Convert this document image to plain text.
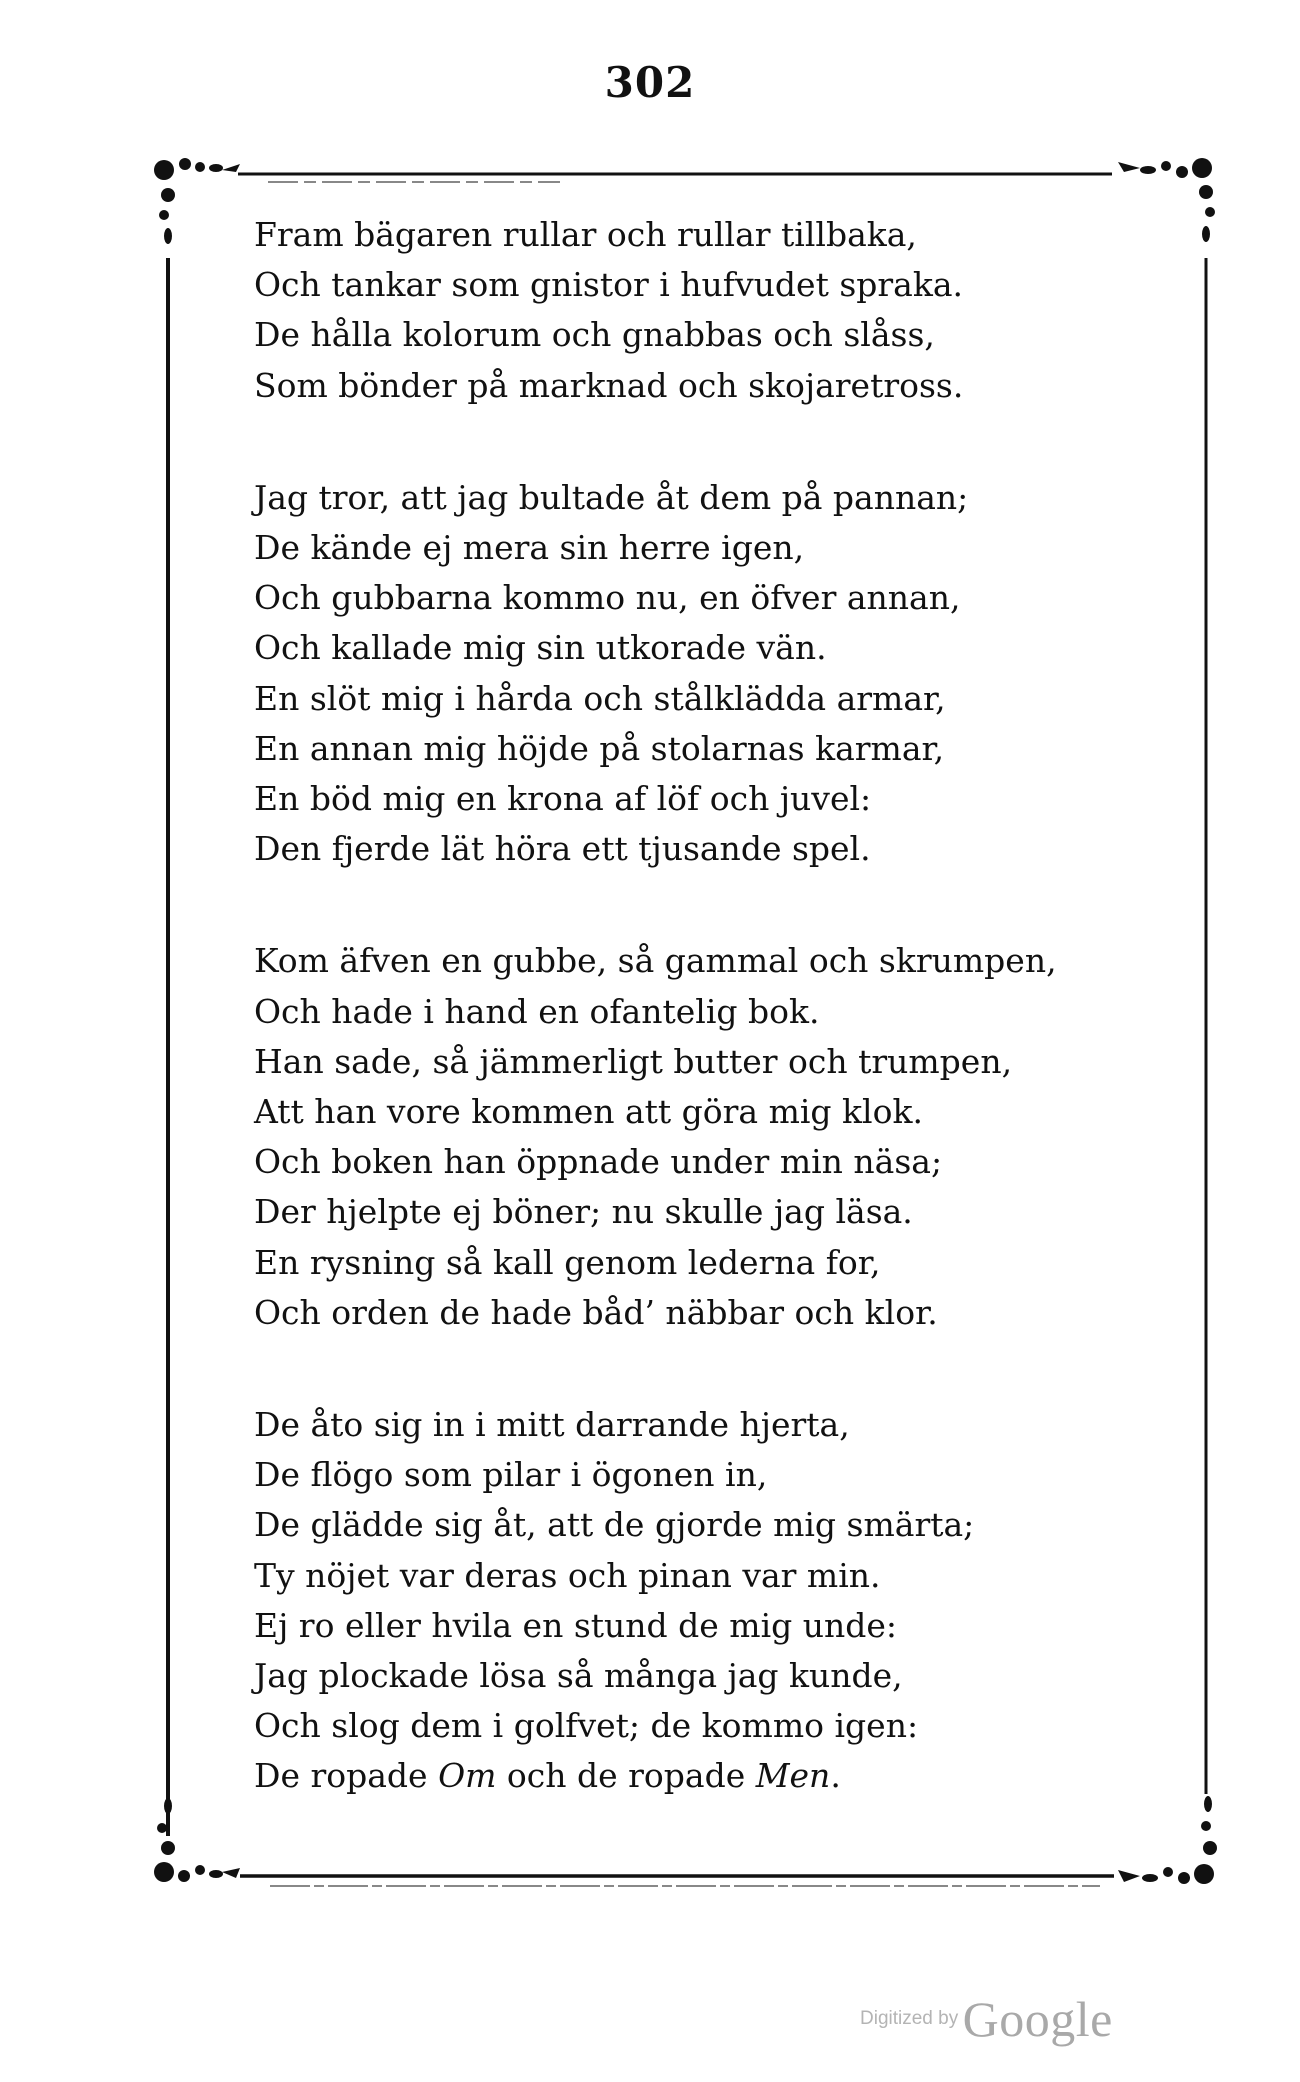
302
Fram bägaren rullar och rullar tillbaka,
Och tankar som gnistor i hufvudet spraka.
De hålla kolorum och gnabbas och slåss,
Som bönder på marknad och skojaretross.
Jag tror, att jag bultade åt dem på pannan;
De kände ej mera sin herre igen,
Och gubbarna kommo nu, en öfver annan,
Och kallade mig sin utkorade vän.
En slöt mig i hårda och stålklädda armar,
En annan mig höjde på stolarnas karmar,
En böd mig en krona af löf och juvel:
Den fjerde lät höra ett tjusande spel.
Kom äfven en gubbe, så gammal och skrumpen,
Och hade i hand en ofantelig bok.
Han sade, så jämmerligt butter och trumpen,
Att han vore kommen att göra mig klok.
Och boken han öppnade under min näsa;
Der hjelpte ej böner; nu skulle jag läsa.
En rysning så kall genom lederna for,
Och orden de hade båd’ näbbar och klor.
De åto sig in i mitt darrande hjerta,
De flögo som pilar i ögonen in,
De glädde sig åt, att de gjorde mig smärta;
Ty nöjet var deras och pinan var min.
Ej ro eller hvila en stund de mig unde:
Jag plockade lösa så många jag kunde,
Och slog dem i golfvet; de kommo igen:
De ropade Om och de ropade Men.
Digitized by Google
